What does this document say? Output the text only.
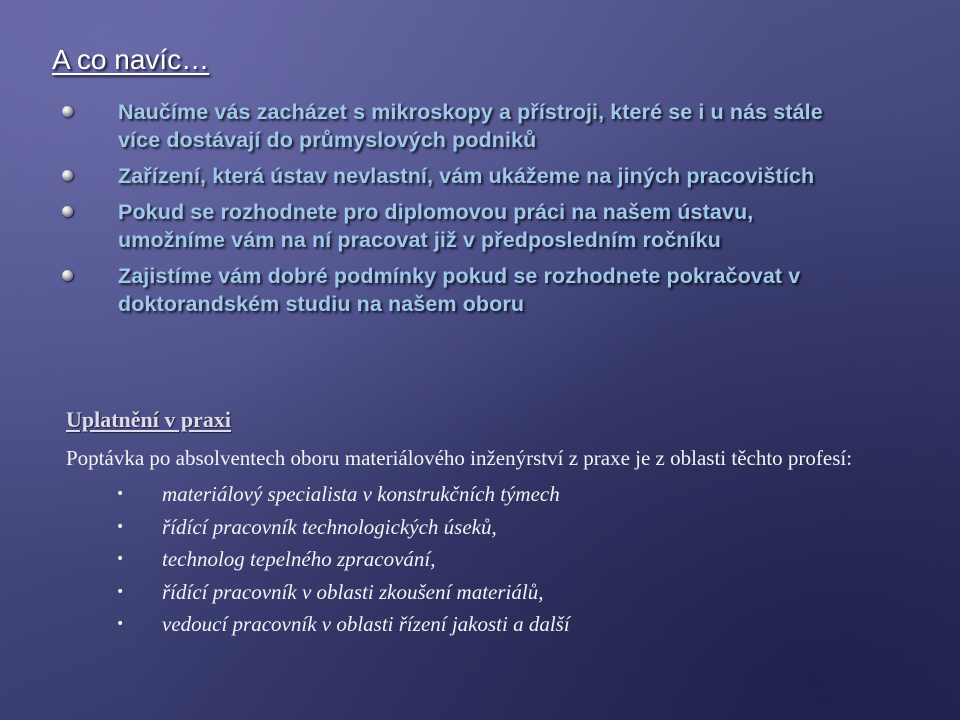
A co navíc…
Naučíme vás zacházet s mikroskopy a přístroji, které se i u nás stále více dostávají do průmyslových podniků
Zařízení, která ústav nevlastní, vám ukážeme na jiných pracovištích
Pokud se rozhodnete pro diplomovou práci na našem ústavu, umožníme vám na ní pracovat již v předposledním ročníku
Zajistíme vám dobré podmínky pokud se rozhodnete pokračovat v doktorandském studiu na našem oboru

Uplatnění v praxi

Poptávka po absolventech oboru materiálového inženýrství z praxe je z oblasti těchto profesí:

• materiálový specialista v konstrukčních týmech
• řídící pracovník technologických úseků,
• technolog tepelného zpracování,
• řídící pracovník v oblasti zkoušení materiálů,
• vedoucí pracovník v oblasti řízení jakosti a další
